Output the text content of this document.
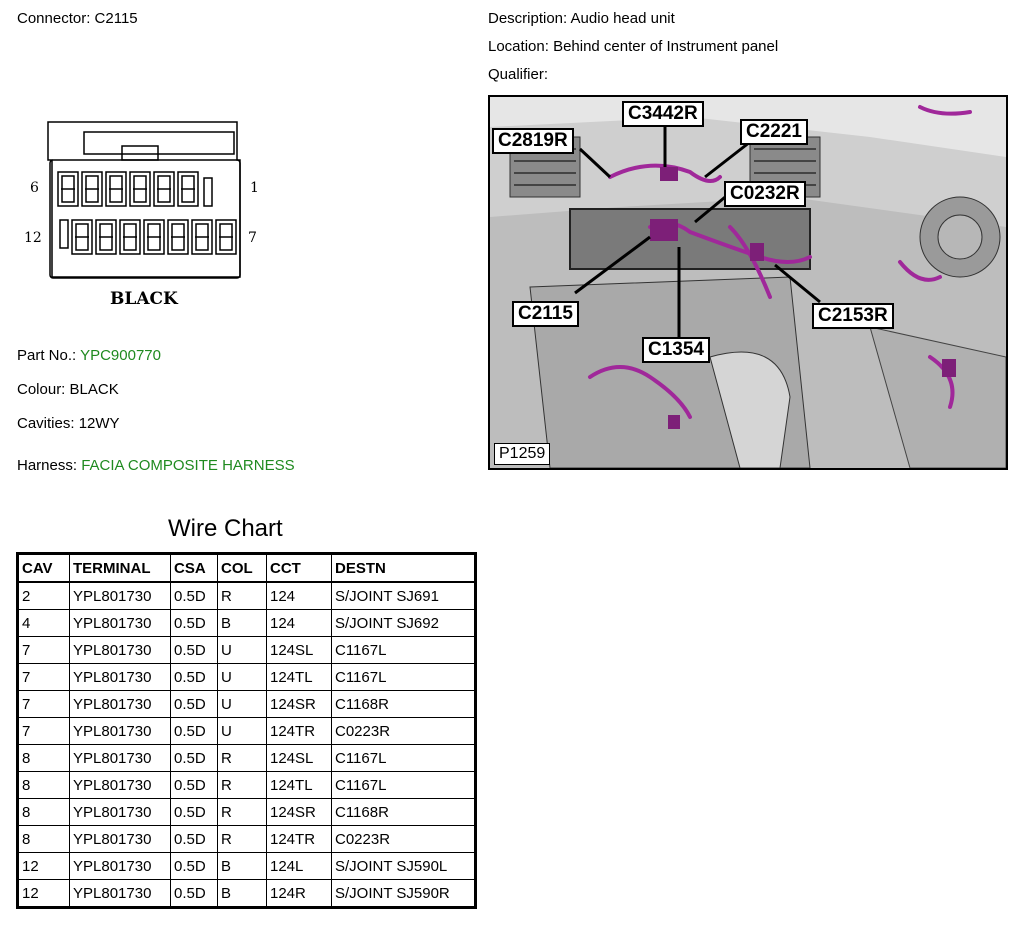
Connector: C2115	Description: Audio head unit
Location: Behind center of Instrument panel
Qualifier:
6	1
12	7
BLACK
Part No.: YPC900770
Colour: BLACK
Cavities: 12WY
Harness: FACIA COMPOSITE HARNESS
C3442R
C2819R	C2221
C0232R
C2115	C2153R
C1354
P1259
Wire Chart
CAV	TERMINAL	CSA	COL	CCT	DESTN
2	YPL801730	0.5D	R	124	S/JOINT SJ691
4	YPL801730	0.5D	B	124	S/JOINT SJ692
7	YPL801730	0.5D	U	124SL	C1167L
7	YPL801730	0.5D	U	124TL	C1167L
7	YPL801730	0.5D	U	124SR	C1168R
7	YPL801730	0.5D	U	124TR	C0223R
8	YPL801730	0.5D	R	124SL	C1167L
8	YPL801730	0.5D	R	124TL	C1167L
8	YPL801730	0.5D	R	124SR	C1168R
8	YPL801730	0.5D	R	124TR	C0223R
12	YPL801730	0.5D	B	124L	S/JOINT SJ590L
12	YPL801730	0.5D	B	124R	S/JOINT SJ590R
